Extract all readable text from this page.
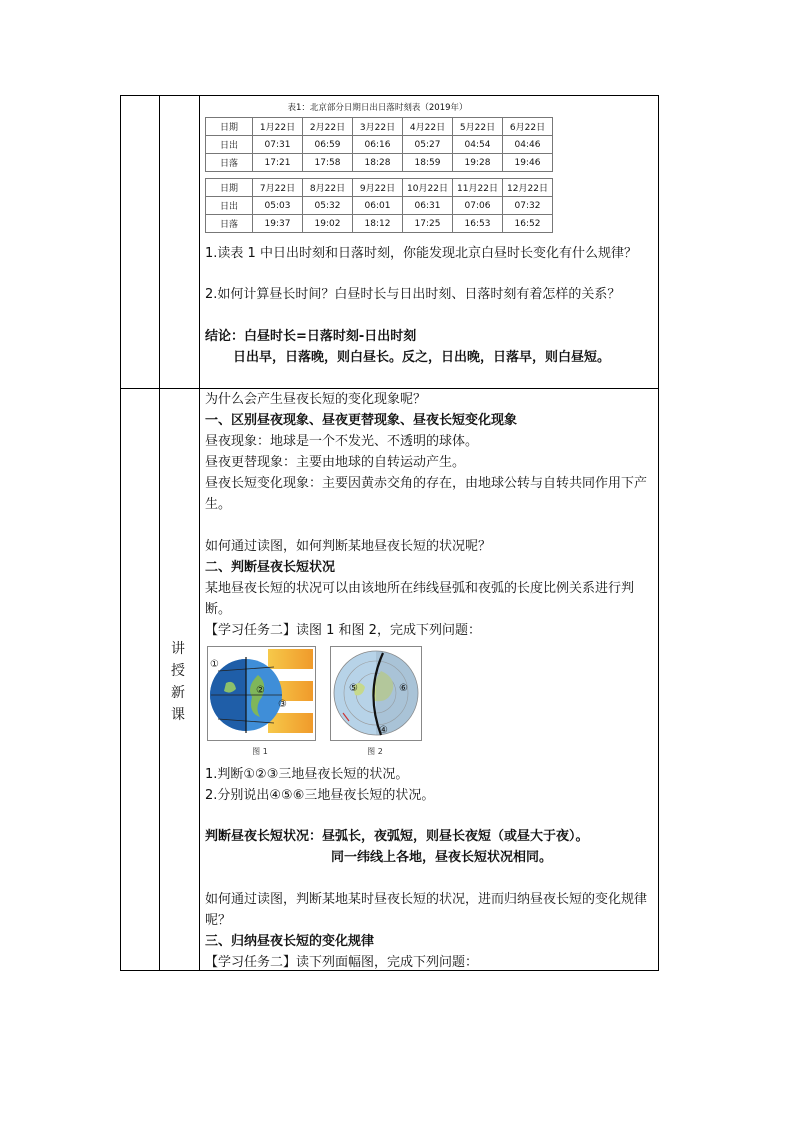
表1：北京部分日期日出日落时刻表（2019年）
日期	1月22日	2月22日	3月22日	4月22日	5月22日	6月22日
日出	07:31	06:59	06:16	05:27	04:54	04:46
日落	17:21	17:58	18:28	18:59	19:28	19:46
日期	7月22日	8月22日	9月22日	10月22日	11月22日	12月22日
日出	05:03	05:32	06:01	06:31	07:06	07:32
日落	19:37	19:02	18:12	17:25	16:53	16:52
1.读表 1 中日出时刻和日落时刻，你能发现北京白昼时长变化有什么规律？
2.如何计算昼长时间？白昼时长与日出时刻、日落时刻有着怎样的关系？
结论：白昼时长=日落时刻-日出时刻
日出早，日落晚，则白昼长。反之，日出晚，日落早，则白昼短。
讲
授
新
课
为什么会产生昼夜长短的变化现象呢？
一、区别昼夜现象、昼夜更替现象、昼夜长短变化现象
昼夜现象：地球是一个不发光、不透明的球体。
昼夜更替现象：主要由地球的自转运动产生。
昼夜长短变化现象：主要因黄赤交角的存在，由地球公转与自转共同作用下产生。
如何通过读图，如何判断某地昼夜长短的状况呢？
二、判断昼夜长短状况
某地昼夜长短的状况可以由该地所在纬线昼弧和夜弧的长度比例关系进行判断。
【学习任务二】读图 1 和图 2，完成下列问题：
①
②
③
图 1
⑤
④
⑥
图 2
1.判断①②③三地昼夜长短的状况。
2.分别说出④⑤⑥三地昼夜长短的状况。
判断昼夜长短状况：昼弧长，夜弧短，则昼长夜短（或昼大于夜）。
同一纬线上各地，昼夜长短状况相同。
如何通过读图，判断某地某时昼夜长短的状况，进而归纳昼夜长短的变化规律呢？
三、归纳昼夜长短的变化规律
【学习任务二】读下列面幅图，完成下列问题：
